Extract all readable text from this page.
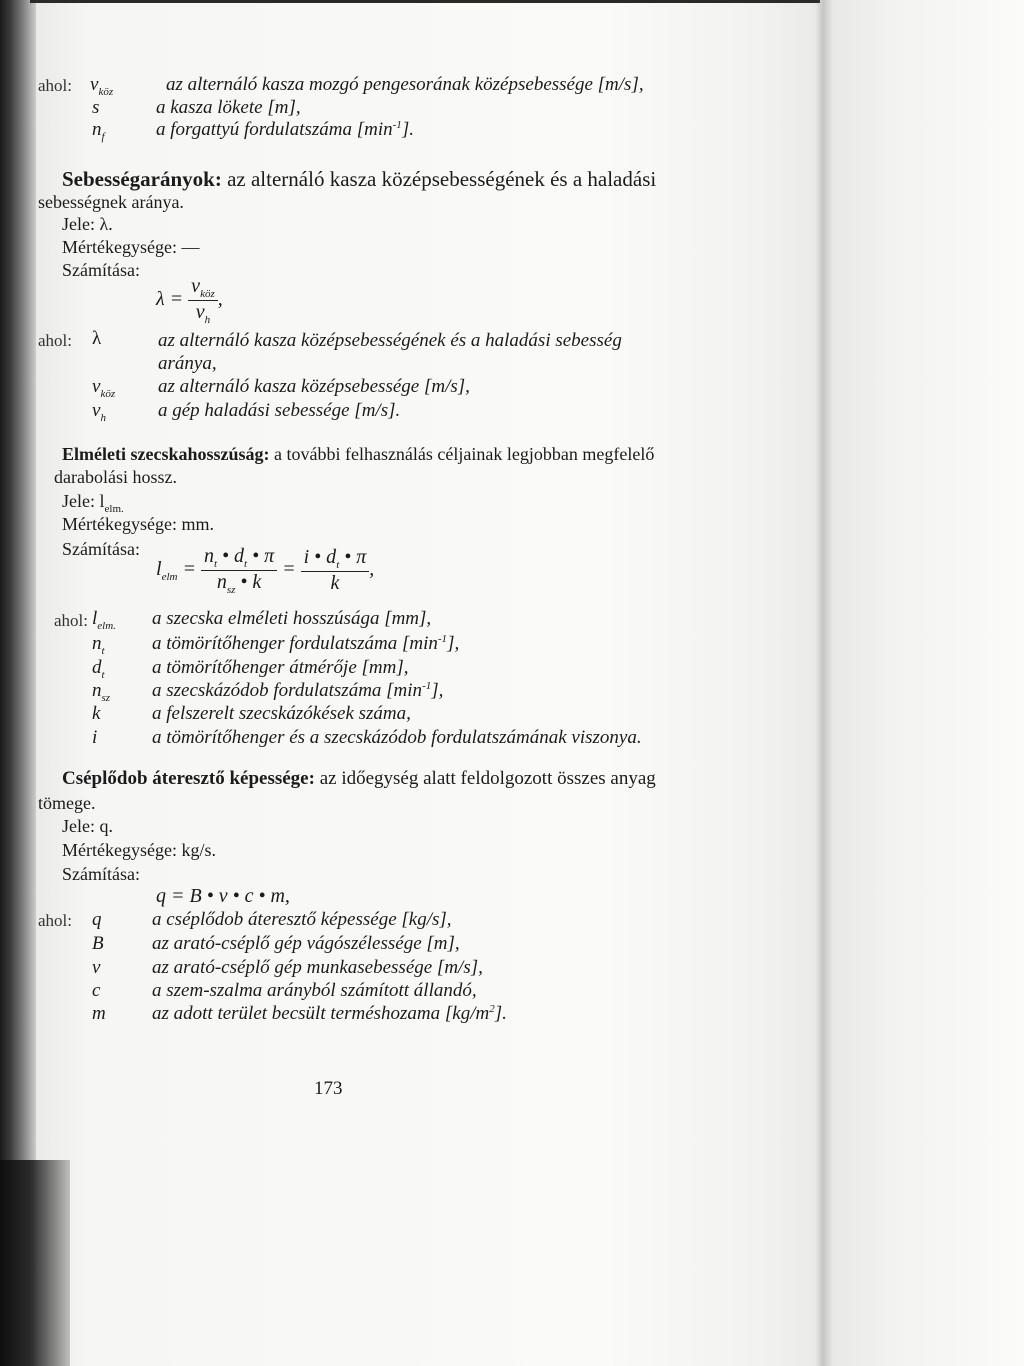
ahol: $v_{köz}$	az alternáló kasza mozgó pengesorának középsebessége [m/s],
s	a kasza lökete [m],
$n_f$	a forgattyú fordulatszáma $[\min^{-1}]$.
Sebességarányok: az alternáló kasza középsebességének és a haladási
sebességnek aránya.
Jele: λ.
Mértékegysége: —
Számítása:
$\lambda = \frac{v_{köz}}{v_h}$ ,
ahol: λ	az alternáló kasza középsebességének és a haladási sebesség
aránya,
$v_{köz}$ az alternáló kasza középsebessége [m/s],
$v_h$	a gép haladási sebessége [m/s].
Elméleti szecskahosszúság: a további felhasználás céljainak legjobban megfelelő
darabolási hossz.
Jele: $l_{elm.}$
Mértékegysége: mm.
Számítása:
$l_{elm} = \frac{n_t • d_t • \pi}{n_{sz} • k} = \frac{i • d_t • \pi}{k}$ ,
ahol: $l_{elm.}$ a szecska elméleti hosszúsága [mm],
$n_t$ a tömörítőhenger fordulatszáma $[\min^{-1}]$,
$d_t$ a tömörítőhenger átmérője [mm],
$n_{sz}$ a szecskázódob fordulatszáma $[\min^{-1}]$,
k	a felszerelt szecskázókések száma,
i	a tömörítőhenger és a szecskázódob fordulatszámának viszonya.
Cséplődob áteresztő képessége: az időegység alatt feldolgozott összes anyag
tömege.
Jele: q.
Mértékegysége: kg/s.
Számítása:
q = B • v • c • m,
ahol: q	a cséplődob áteresztő képessége [kg/s],
B	az arató-cséplő gép vágószélessége [m],
v	az arató-cséplő gép munkasebessége [m/s],
c	a szem-szalma arányból számított állandó,
m az adott terület becsült terméshozama $[kg/m^2]$.
173
